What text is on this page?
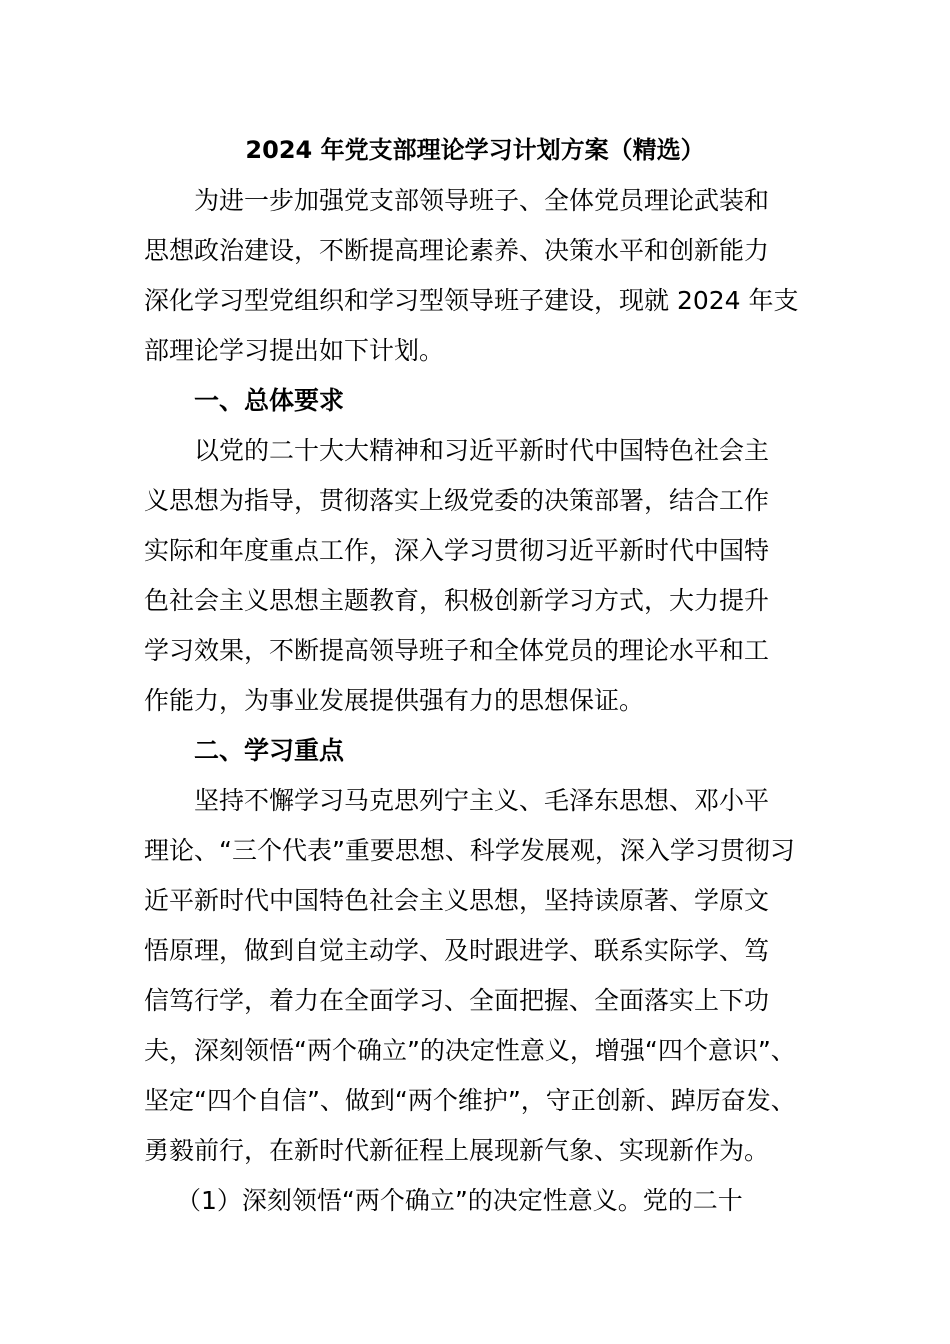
2024 年党支部理论学习计划方案（精选）

为进一步加强党支部领导班子、全体党员理论武装和

思想政治建设，不断提高理论素养、决策水平和创新能力

深化学习型党组织和学习型领导班子建设，现就 2024 年支

部理论学习提出如下计划。

一、总体要求

以党的二十大大精神和习近平新时代中国特色社会主

义思想为指导，贯彻落实上级党委的决策部署，结合工作

实际和年度重点工作，深入学习贯彻习近平新时代中国特

色社会主义思想主题教育，积极创新学习方式，大力提升

学习效果，不断提高领导班子和全体党员的理论水平和工

作能力，为事业发展提供强有力的思想保证。

二、学习重点

坚持不懈学习马克思列宁主义、毛泽东思想、邓小平

理论、“三个代表”重要思想、科学发展观，深入学习贯彻习

近平新时代中国特色社会主义思想，坚持读原著、学原文

悟原理，做到自觉主动学、及时跟进学、联系实际学、笃

信笃行学，着力在全面学习、全面把握、全面落实上下功

夫，深刻领悟“两个确立”的决定性意义，增强“四个意识”、

坚定“四个自信”、做到“两个维护”，守正创新、踔厉奋发、

勇毅前行，在新时代新征程上展现新气象、实现新作为。

（1）深刻领悟“两个确立”的决定性意义。党的二十
